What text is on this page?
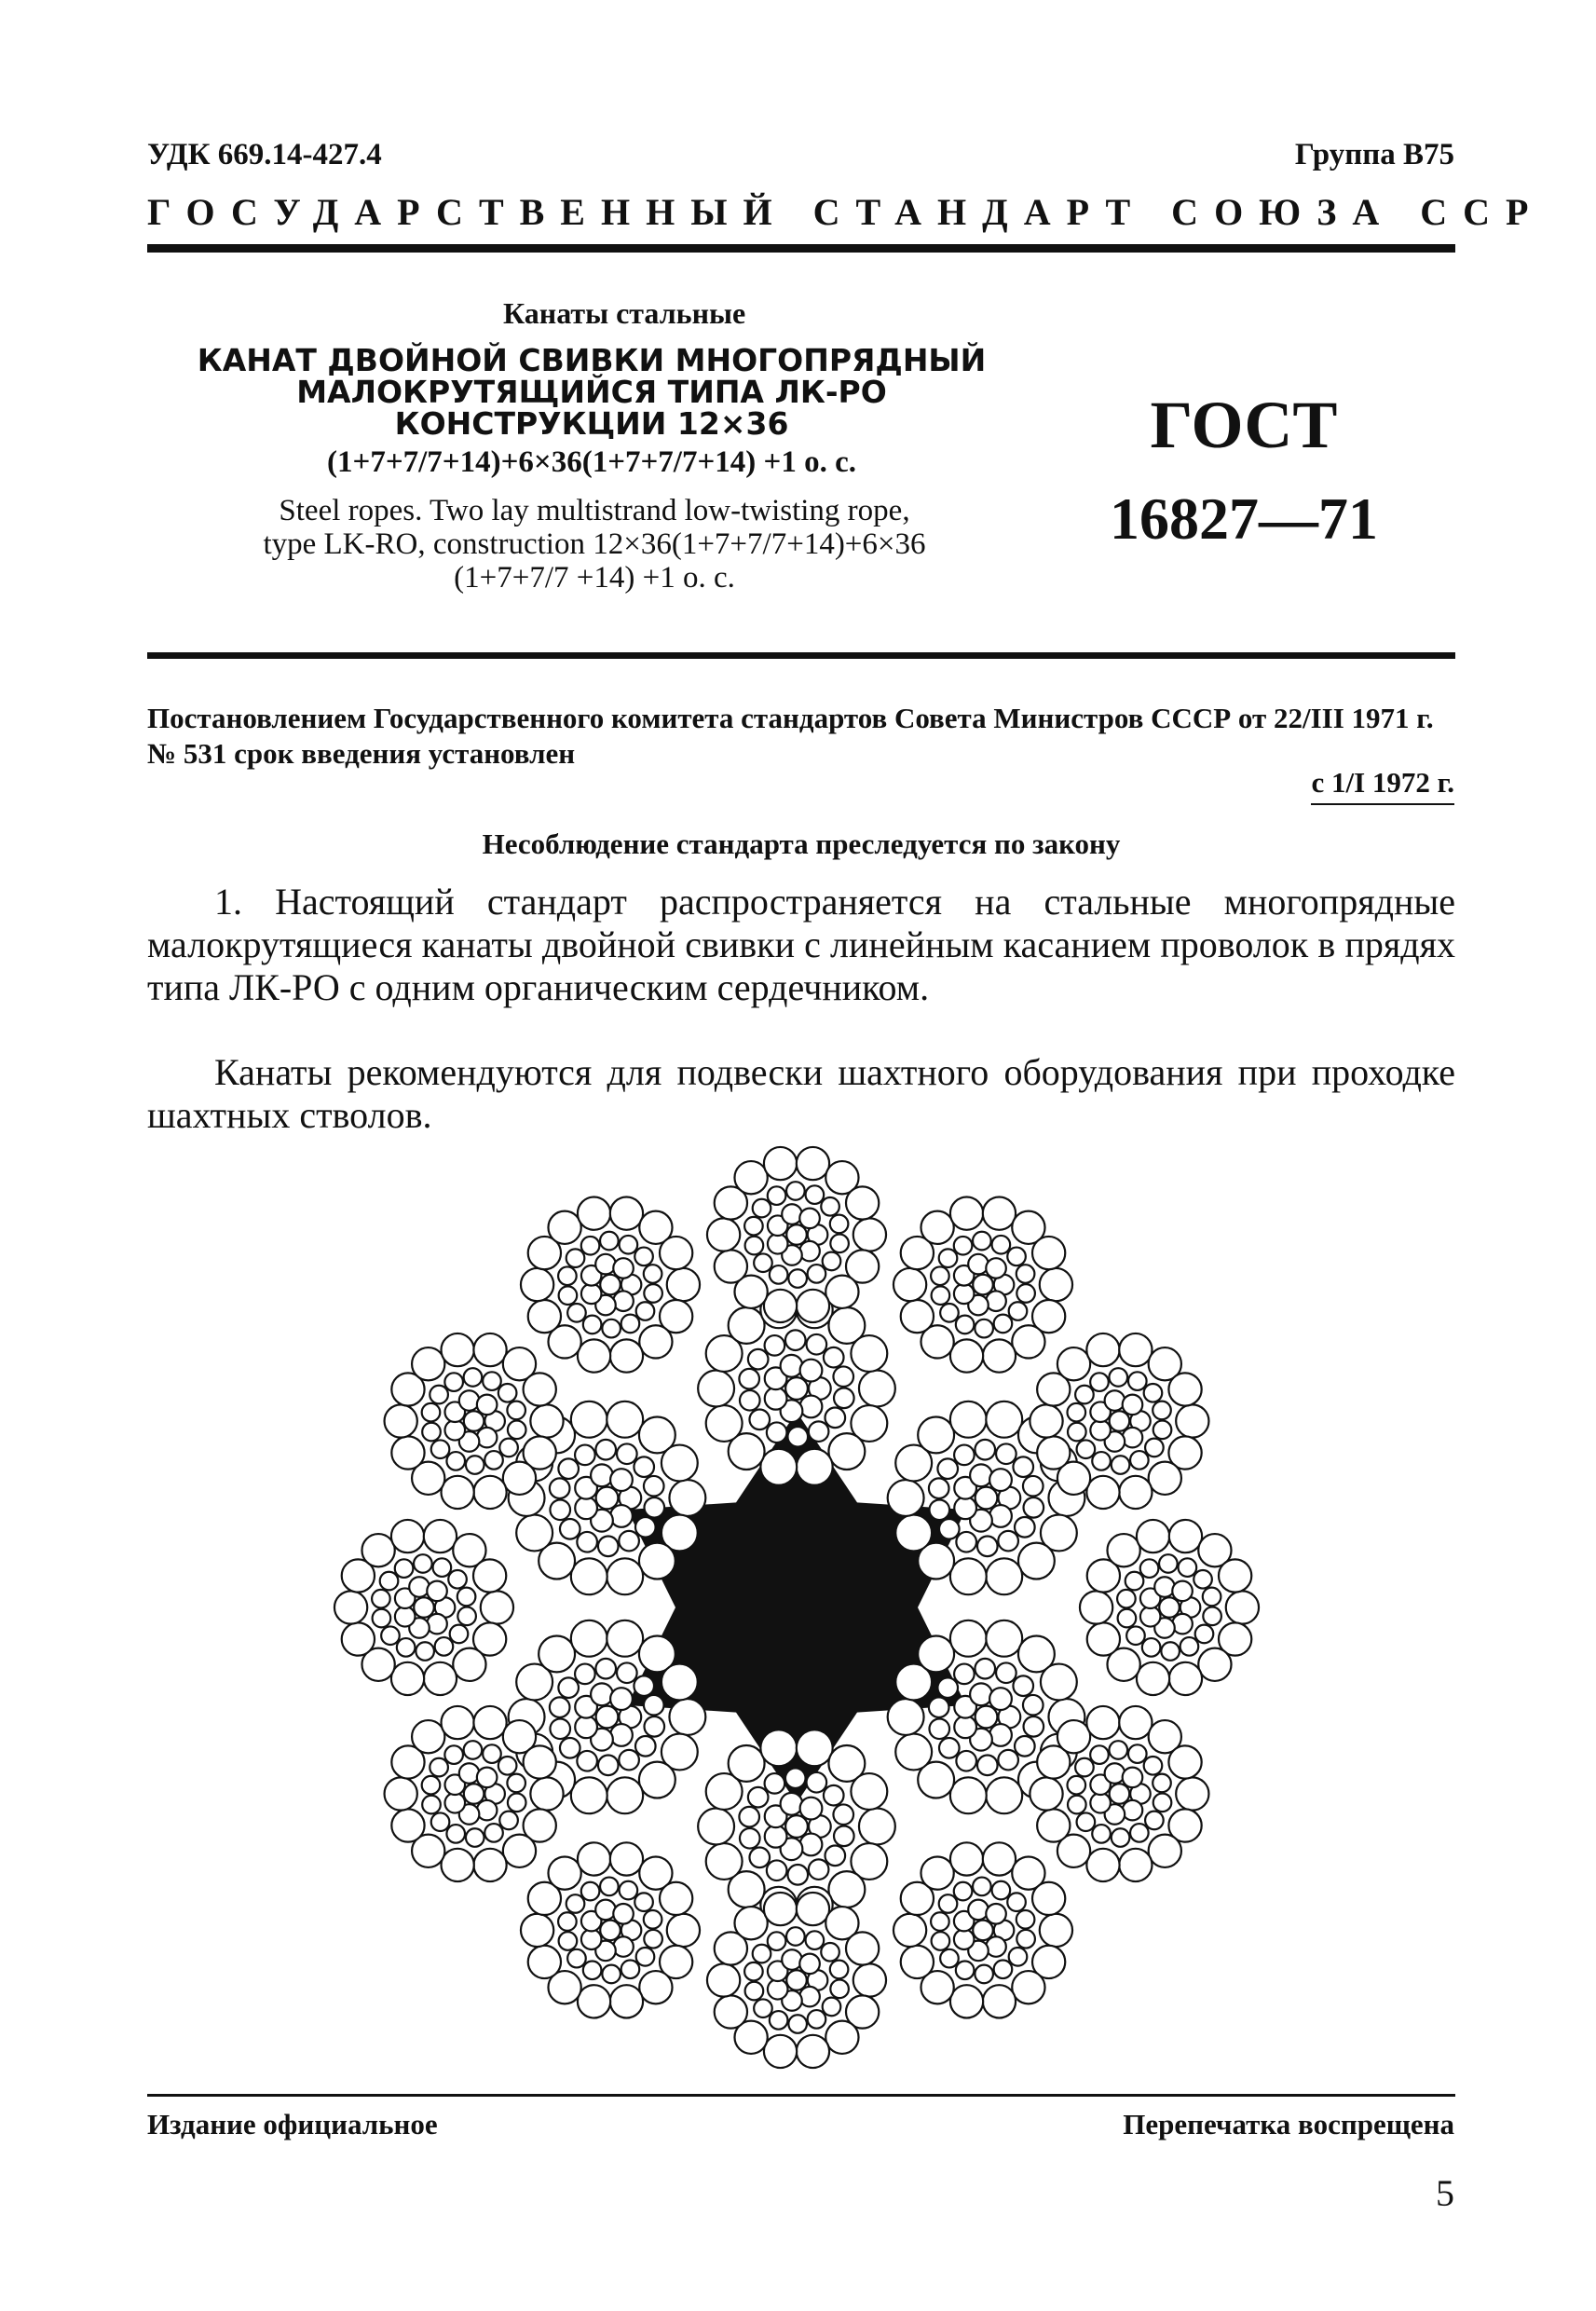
УДК 669.14-427.4	Группа В75
ГОСУДАРСТВЕННЫЙ СТАНДАРТ СОЮЗА ССР
Канаты стальные
КАНАТ ДВОЙНОЙ СВИВКИ МНОГОПРЯДНЫЙ
МАЛОКРУТЯЩИЙСЯ ТИПА ЛК-РО
КОНСТРУКЦИИ 12×36
(1+7+7/7+14)+6×36(1+7+7/7+14) +1 о. с.
Steel ropes. Two lay multistrand low-twisting rope,
type LK-RO, construction 12×36(1+7+7/7+14)+6×36
(1+7+7/7 +14) +1 o. c.
ГОСТ
16827—71
Постановлением Государственного комитета стандартов Совета Министров СССР от 22/III 1971 г. № 531 срок введения установлен
с 1/I 1972 г.
Несоблюдение стандарта преследуется по закону
1. Настоящий стандарт распространяется на стальные многопрядные малокрутящиеся канаты двойной свивки с линейным касанием проволок в прядях типа ЛК-РО с одним органическим сердечником.
Канаты рекомендуются для подвески шахтного оборудования при проходке шахтных стволов.
Издание официальное	Перепечатка воспрещена
5
